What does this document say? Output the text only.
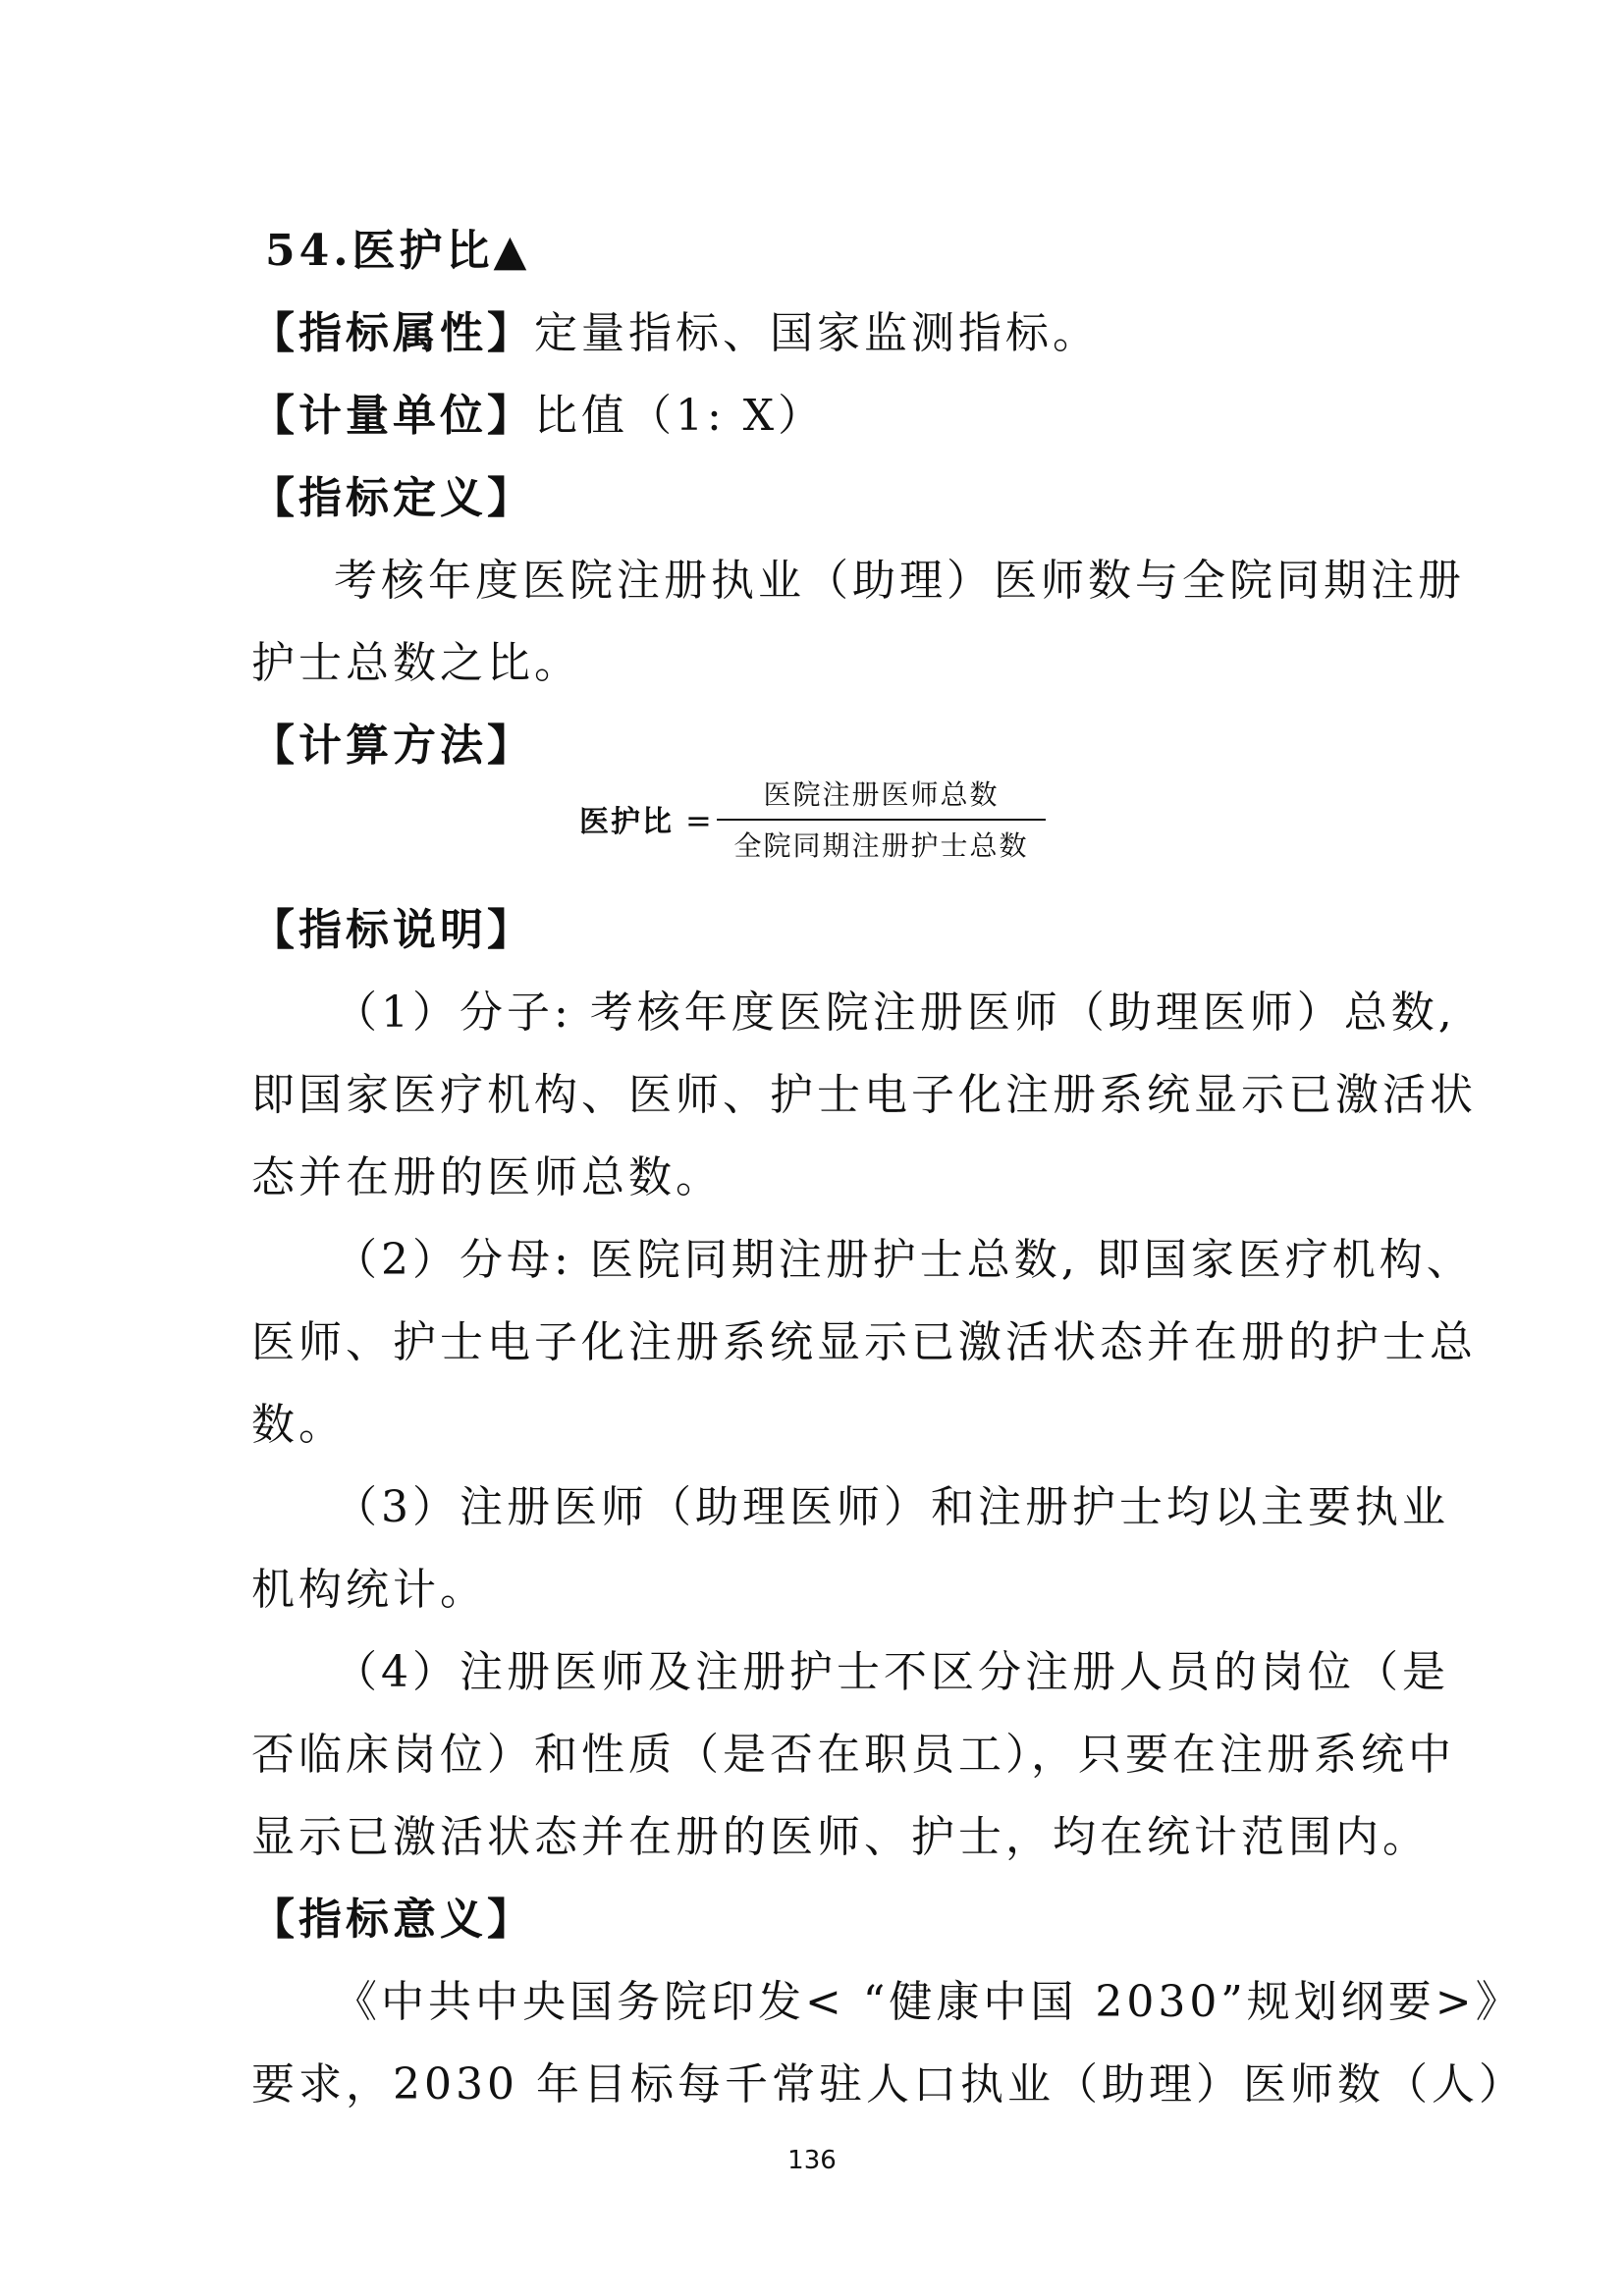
54.医护比▲
【指标属性】定量指标、国家监测指标。
【计量单位】比值（1: X）
【指标定义】
考核年度医院注册执业（助理）医师数与全院同期注册
护士总数之比。
【计算方法】
医护比 =
医院注册医师总数
全院同期注册护士总数
【指标说明】
（1）分子: 考核年度医院注册医师（助理医师）总数,
即国家医疗机构、医师、护士电子化注册系统显示已激活状
态并在册的医师总数。
（2）分母: 医院同期注册护士总数, 即国家医疗机构、
医师、护士电子化注册系统显示已激活状态并在册的护士总
数。
（3）注册医师（助理医师）和注册护士均以主要执业
机构统计。
（4）注册医师及注册护士不区分注册人员的岗位（是
否临床岗位）和性质（是否在职员工），只要在注册系统中
显示已激活状态并在册的医师、护士，均在统计范围内。
【指标意义】
《中共中央国务院印发< “健康中国 2030”规划纲要>》
要求，2030 年目标每千常驻人口执业（助理）医师数（人）
136
